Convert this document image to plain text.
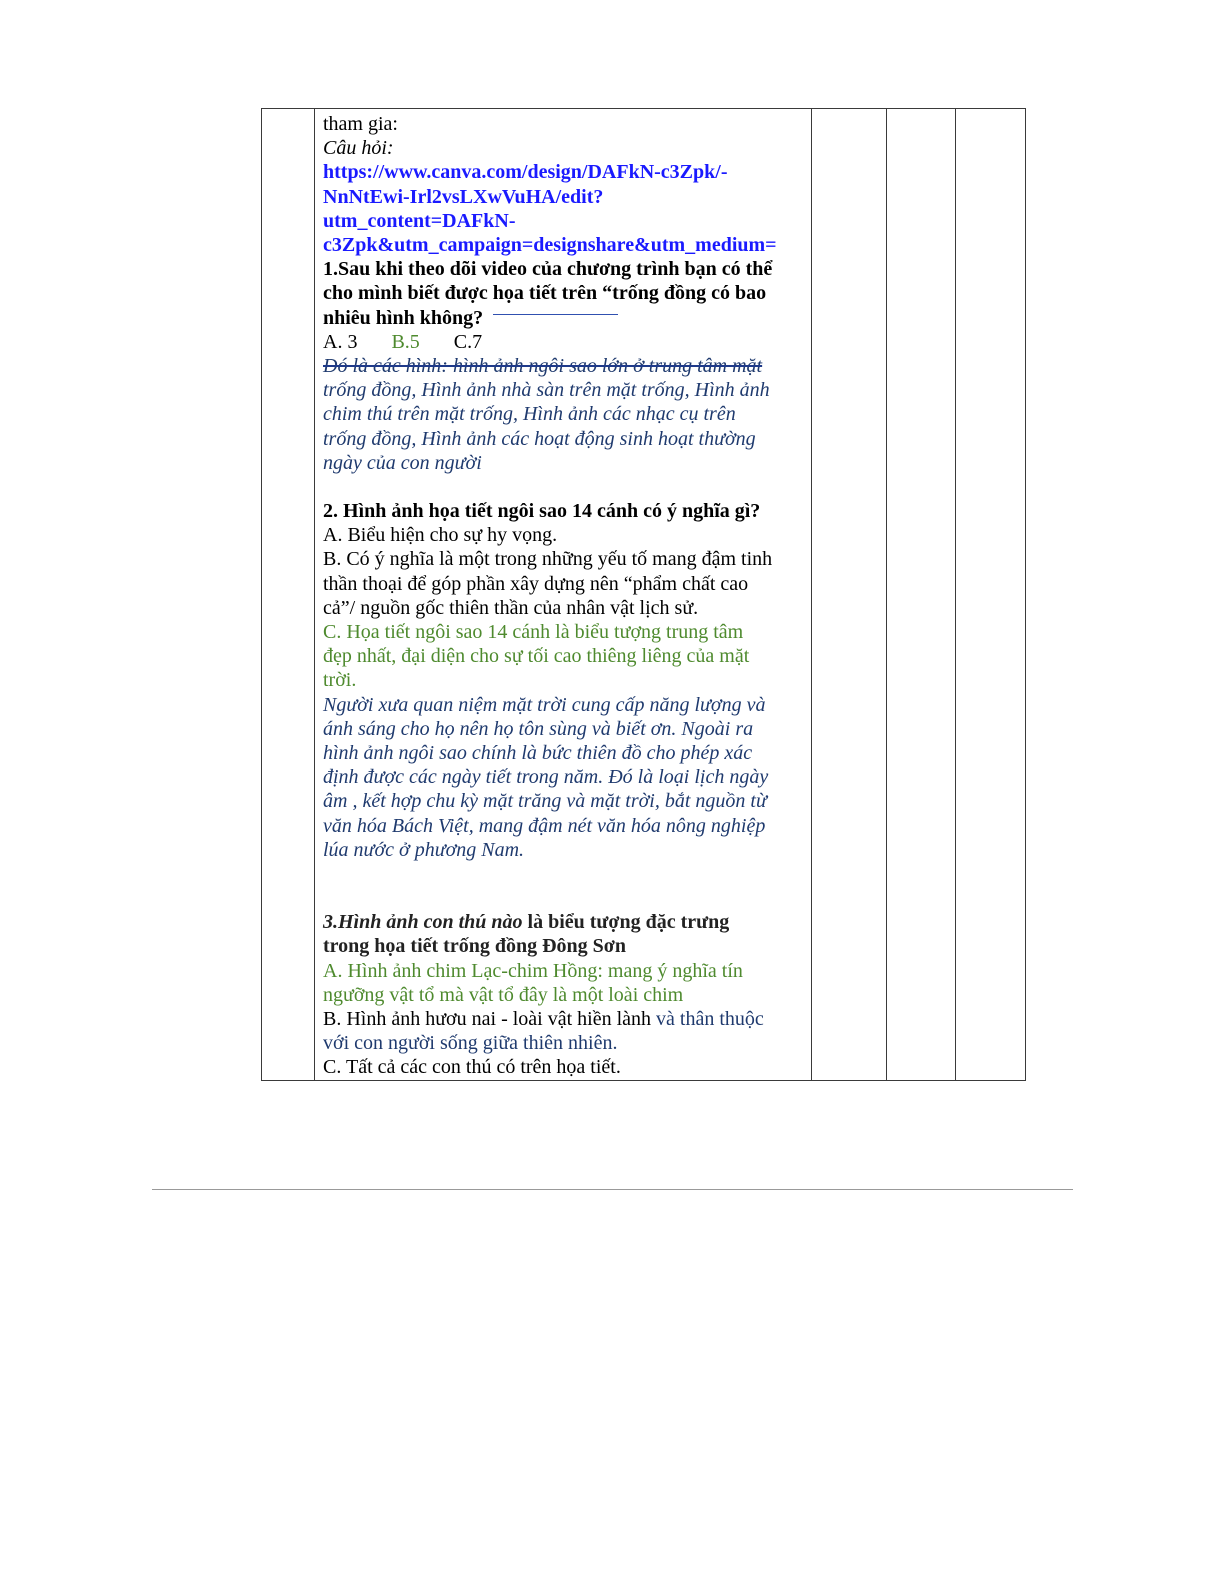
tham gia:

Câu hỏi:

https://www.canva.com/design/DAFkN-c3Zpk/-

NnNtEwi-Irl2vsLXwVuHA/edit?

utm_content=DAFkN-

c3Zpk&utm_campaign=designshare&utm_medium=

1.Sau khi theo dõi video của chương trình bạn có thể

cho mình biết được họa tiết trên “trống đồng có bao

nhiêu hình không?

A. 3 B.5 C.7

Đó là các hình: hình ảnh ngôi sao lớn ở trung tâm mặt

trống đồng, Hình ảnh nhà sàn trên mặt trống, Hình ảnh

chim thú trên mặt trống, Hình ảnh các nhạc cụ trên

trống đồng, Hình ảnh các hoạt động sinh hoạt thường

ngày của con người

2. Hình ảnh họa tiết ngôi sao 14 cánh có ý nghĩa gì?

A. Biểu hiện cho sự hy vọng.

B. Có ý nghĩa là một trong những yếu tố mang đậm tinh

thần thoại để góp phần xây dựng nên “phẩm chất cao

cả”/ nguồn gốc thiên thần của nhân vật lịch sử.

C. Họa tiết ngôi sao 14 cánh là biểu tượng trung tâm

đẹp nhất, đại diện cho sự tối cao thiêng liêng của mặt

trời.

Người xưa quan niệm mặt trời cung cấp năng lượng và

ánh sáng cho họ nên họ tôn sùng và biết ơn. Ngoài ra

hình ảnh ngôi sao chính là bức thiên đồ cho phép xác

định được các ngày tiết trong năm. Đó là loại lịch ngày

âm , kết hợp chu kỳ mặt trăng và mặt trời, bắt nguồn từ

văn hóa Bách Việt, mang đậm nét văn hóa nông nghiệp

lúa nước ở phương Nam.

3.Hình ảnh con thú nào là biểu tượng đặc trưng

trong họa tiết trống đồng Đông Sơn

A. Hình ảnh chim Lạc-chim Hồng: mang ý nghĩa tín

ngưỡng vật tổ mà vật tổ đây là một loài chim

B. Hình ảnh hươu nai - loài vật hiền lành và thân thuộc

với con người sống giữa thiên nhiên.

C. Tất cả các con thú có trên họa tiết.
